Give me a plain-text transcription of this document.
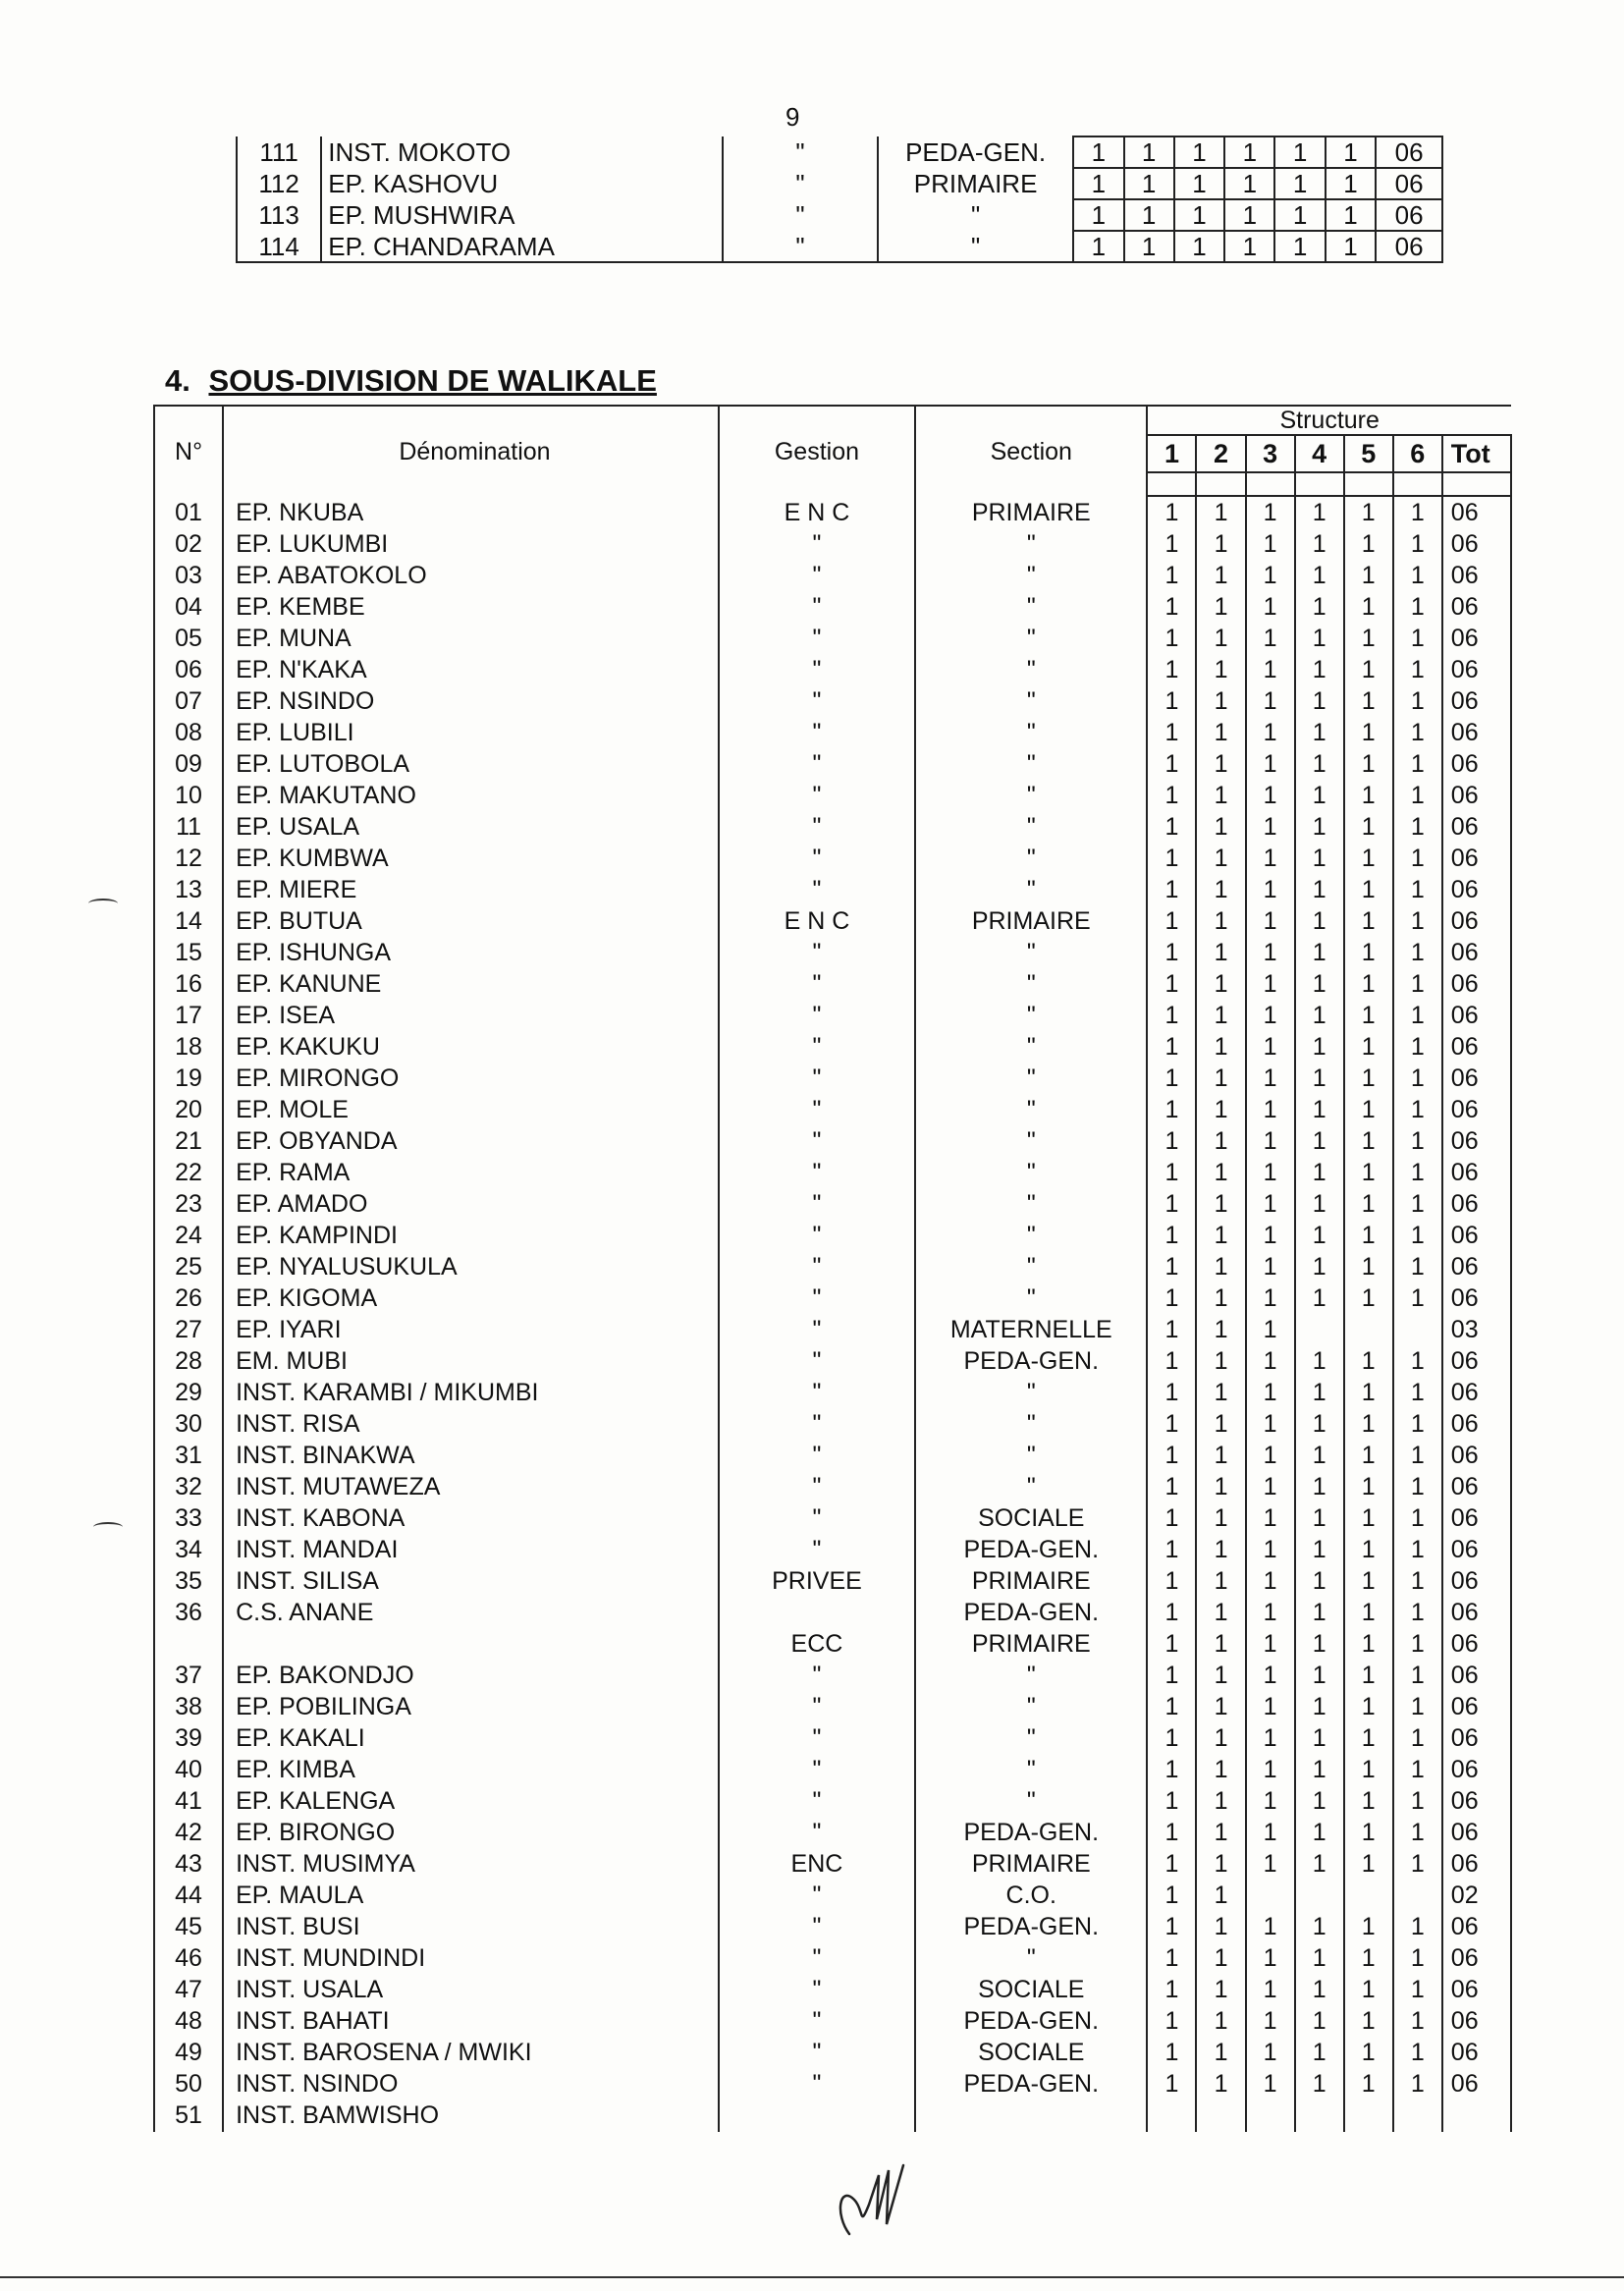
9
111	INST. MOKOTO	"	PEDA-GEN.	1	1	1	1	1	1	06
112	EP. KASHOVU	"	PRIMAIRE	1	1	1	1	1	1	06
113	EP. MUSHWIRA	"	"	1	1	1	1	1	1	06
114	EP. CHANDARAMA	"	"	1	1	1	1	1	1	06
4. SOUS-DIVISION DE WALIKALE
N°	Dénomination	Gestion	Section	Structure						
				1	2	3	4	5	6	Tot

01	EP. NKUBA	E N C	PRIMAIRE	1	1	1	1	1	1	06
02	EP. LUKUMBI	"	"	1	1	1	1	1	1	06
03	EP. ABATOKOLO	"	"	1	1	1	1	1	1	06
04	EP. KEMBE	"	"	1	1	1	1	1	1	06
05	EP. MUNA	"	"	1	1	1	1	1	1	06
06	EP. N'KAKA	"	"	1	1	1	1	1	1	06
07	EP. NSINDO	"	"	1	1	1	1	1	1	06
08	EP. LUBILI	"	"	1	1	1	1	1	1	06
09	EP. LUTOBOLA	"	"	1	1	1	1	1	1	06
10	EP. MAKUTANO	"	"	1	1	1	1	1	1	06
11	EP. USALA	"	"	1	1	1	1	1	1	06
12	EP. KUMBWA	"	"	1	1	1	1	1	1	06
13	EP. MIERE	"	"	1	1	1	1	1	1	06
14	EP. BUTUA	E N C	PRIMAIRE	1	1	1	1	1	1	06
15	EP. ISHUNGA	"	"	1	1	1	1	1	1	06
16	EP. KANUNE	"	"	1	1	1	1	1	1	06
17	EP. ISEA	"	"	1	1	1	1	1	1	06
18	EP. KAKUKU	"	"	1	1	1	1	1	1	06
19	EP. MIRONGO	"	"	1	1	1	1	1	1	06
20	EP. MOLE	"	"	1	1	1	1	1	1	06
21	EP. OBYANDA	"	"	1	1	1	1	1	1	06
22	EP. RAMA	"	"	1	1	1	1	1	1	06
23	EP. AMADO	"	"	1	1	1	1	1	1	06
24	EP. KAMPINDI	"	"	1	1	1	1	1	1	06
25	EP. NYALUSUKULA	"	"	1	1	1	1	1	1	06
26	EP. KIGOMA	"	"	1	1	1	1	1	1	06
27	EP. IYARI	"	MATERNELLE	1	1	1				03
28	EM. MUBI	"	PEDA-GEN.	1	1	1	1	1	1	06
29	INST. KARAMBI / MIKUMBI	"	"	1	1	1	1	1	1	06
30	INST. RISA	"	"	1	1	1	1	1	1	06
31	INST. BINAKWA	"	"	1	1	1	1	1	1	06
32	INST. MUTAWEZA	"	"	1	1	1	1	1	1	06
33	INST. KABONA	"	SOCIALE	1	1	1	1	1	1	06
34	INST. MANDAI	"	PEDA-GEN.	1	1	1	1	1	1	06
35	INST. SILISA	PRIVEE	PRIMAIRE	1	1	1	1	1	1	06
36	C.S. ANANE		PEDA-GEN.	1	1	1	1	1	1	06
		ECC	PRIMAIRE	1	1	1	1	1	1	06
37	EP. BAKONDJO	"	"	1	1	1	1	1	1	06
38	EP. POBILINGA	"	"	1	1	1	1	1	1	06
39	EP. KAKALI	"	"	1	1	1	1	1	1	06
40	EP. KIMBA	"	"	1	1	1	1	1	1	06
41	EP. KALENGA	"	"	1	1	1	1	1	1	06
42	EP. BIRONGO	"	PEDA-GEN.	1	1	1	1	1	1	06
43	INST. MUSIMYA	ENC	PRIMAIRE	1	1	1	1	1	1	06
44	EP. MAULA	"	C.O.	1	1					02
45	INST. BUSI	"	PEDA-GEN.	1	1	1	1	1	1	06
46	INST. MUNDINDI	"	"	1	1	1	1	1	1	06
47	INST. USALA	"	SOCIALE	1	1	1	1	1	1	06
48	INST. BAHATI	"	PEDA-GEN.	1	1	1	1	1	1	06
49	INST. BAROSENA / MWIKI	"	SOCIALE	1	1	1	1	1	1	06
50	INST. NSINDO	"	PEDA-GEN.	1	1	1	1	1	1	06
51	INST. BAMWISHO									
